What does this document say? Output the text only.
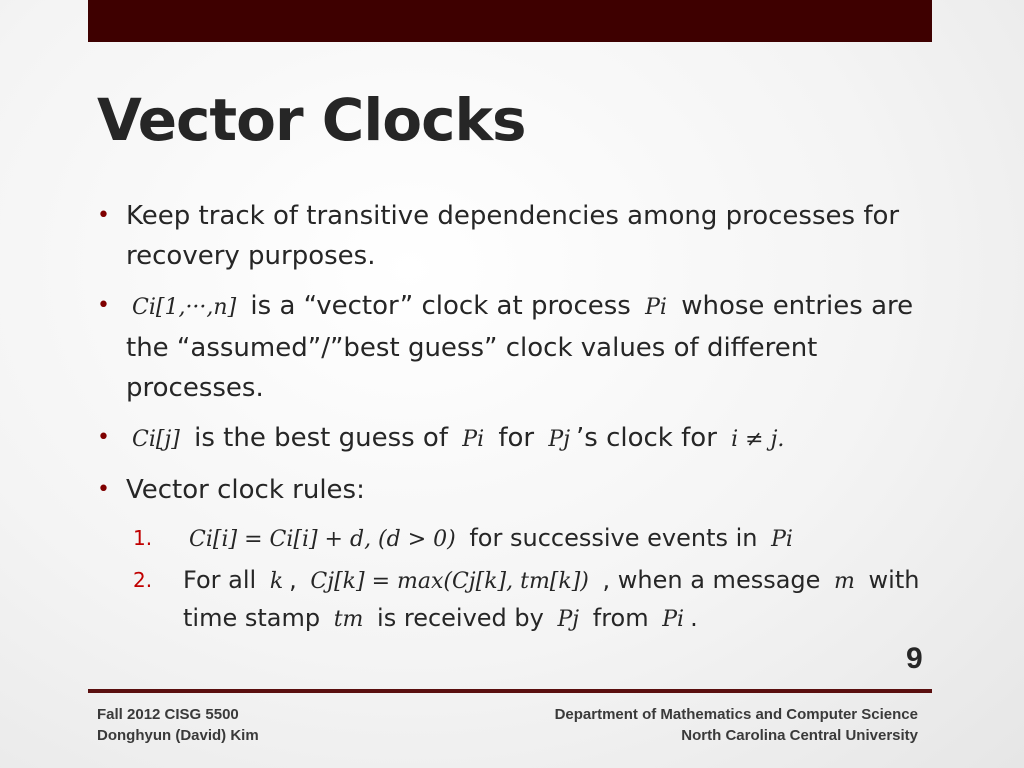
Vector Clocks
• Keep track of transitive dependencies among processes for recovery purposes.
• Ci[1,···,n] is a “vector” clock at process Pi whose entries are the “assumed”/”best guess” clock values of different processes.
• Ci[j] is the best guess of Pi for Pj ’s clock for i ≠ j.
• Vector clock rules:
1. Ci[i] = Ci[i] + d, (d > 0) for successive events in Pi
2. For all k , Cj[k] = max(Cj[k], tm[k]) , when a message m with time stamp tm is received by Pj from Pi .
9
Fall 2012 CISG 5500
Donghyun (David) Kim
Department of Mathematics and Computer Science
North Carolina Central University
